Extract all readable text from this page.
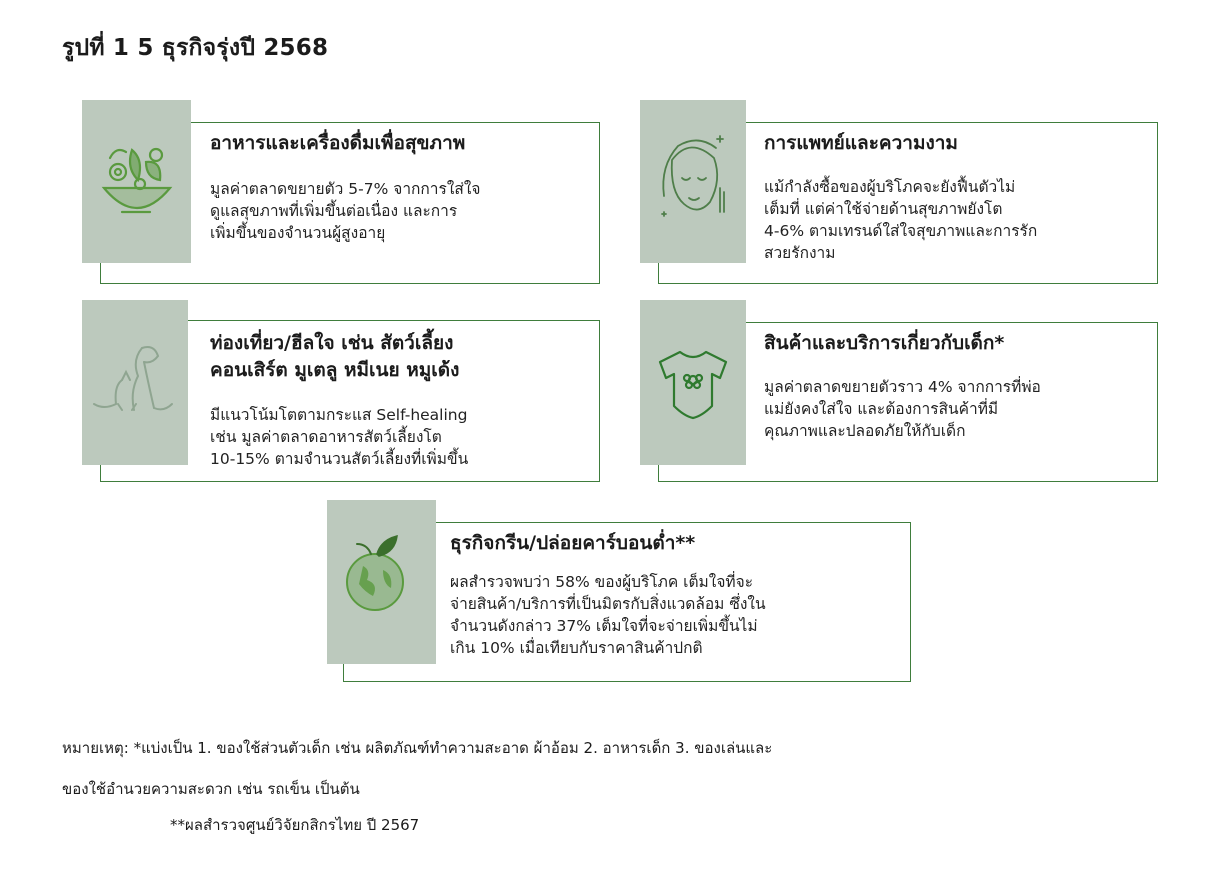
รูปที่ 1 5 ธุรกิจรุ่งปี 2568
อาหารและเครื่องดื่มเพื่อสุขภาพ
มูลค่าตลาดขยายตัว 5-7% จากการใส่ใจ
ดูแลสุขภาพที่เพิ่มขึ้นต่อเนื่อง และการ
เพิ่มขึ้นของจำนวนผู้สูงอายุ
การแพทย์และความงาม
แม้กำลังซื้อของผู้บริโภคจะยังฟื้นตัวไม่
เต็มที่ แต่ค่าใช้จ่ายด้านสุขภาพยังโต
4-6% ตามเทรนด์ใส่ใจสุขภาพและการรัก
สวยรักงาม
ท่องเที่ยว/ฮีลใจ เช่น สัตว์เลี้ยง
คอนเสิร์ต มูเตลู หมีเนย หมูเด้ง
มีแนวโน้มโตตามกระแส Self-healing
เช่น มูลค่าตลาดอาหารสัตว์เลี้ยงโต
10-15% ตามจำนวนสัตว์เลี้ยงที่เพิ่มขึ้น
สินค้าและบริการเกี่ยวกับเด็ก*
มูลค่าตลาดขยายตัวราว 4% จากการที่พ่อ
แม่ยังคงใส่ใจ และต้องการสินค้าที่มี
คุณภาพและปลอดภัยให้กับเด็ก
ธุรกิจกรีน/ปล่อยคาร์บอนต่ำ**
ผลสำรวจพบว่า 58% ของผู้บริโภค เต็มใจที่จะ
จ่ายสินค้า/บริการที่เป็นมิตรกับสิ่งแวดล้อม ซึ่งใน
จำนวนดังกล่าว 37% เต็มใจที่จะจ่ายเพิ่มขึ้นไม่
เกิน 10% เมื่อเทียบกับราคาสินค้าปกติ
หมายเหตุ: *แบ่งเป็น 1. ของใช้ส่วนตัวเด็ก เช่น ผลิตภัณฑ์ทำความสะอาด ผ้าอ้อม 2. อาหารเด็ก 3. ของเล่นและ
ของใช้อำนวยความสะดวก เช่น รถเข็น เป็นต้น
**ผลสำรวจศูนย์วิจัยกสิกรไทย ปี 2567
